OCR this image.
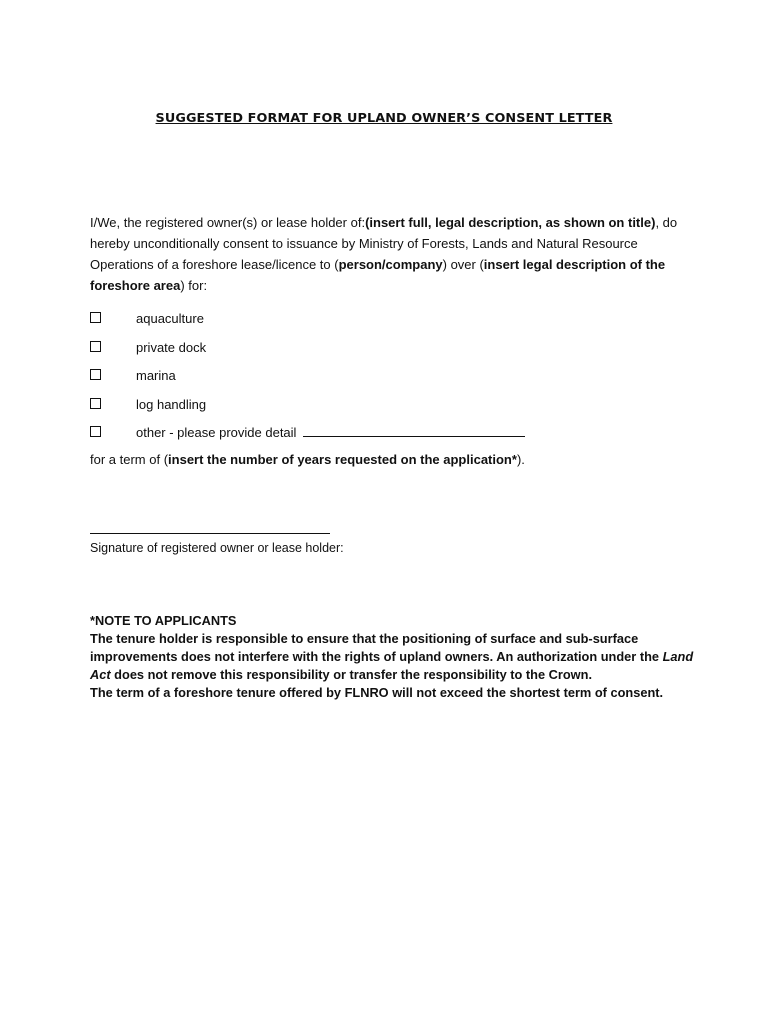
SUGGESTED FORMAT FOR UPLAND OWNER’S CONSENT LETTER
I/We, the registered owner(s) or lease holder of:(insert full, legal description, as shown on title), do hereby unconditionally consent to issuance by Ministry of Forests, Lands and Natural Resource Operations of a foreshore lease/licence to (person/company) over (insert legal description of the foreshore area) for:
aquaculture
private dock
marina
log handling
other - please provide detail
for a term of (insert the number of years requested on the application*).
Signature of registered owner or lease holder:
*NOTE TO APPLICANTS
The tenure holder is responsible to ensure that the positioning of surface and sub-surface improvements does not interfere with the rights of upland owners. An authorization under the Land Act does not remove this responsibility or transfer the responsibility to the Crown.
The term of a foreshore tenure offered by FLNRO will not exceed the shortest term of consent.
